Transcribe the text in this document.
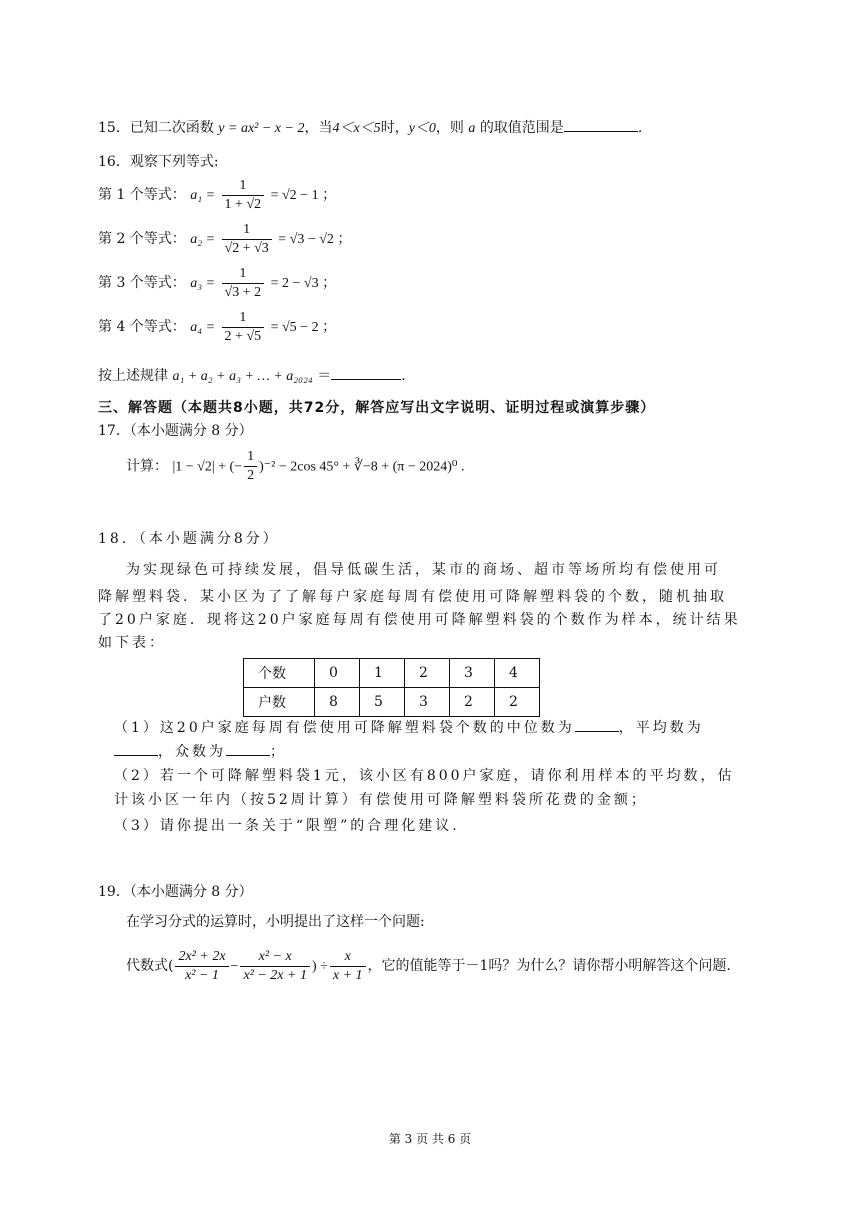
15．已知二次函数 y = ax² − x − 2，当4＜x＜5时，y＜0，则 a 的取值范围是	.
16．观察下列等式:
第 1 个等式： $a_1 = \frac{1}{1 + √2} = √2 - 1$ ；
第 2 个等式： $a_2 = \frac{1}{√2 + √3} = √3 - √2$ ；
第 3 个等式： $a_3 = \frac{1}{√3 + 2} = 2 - √3$ ；
第 4 个等式： $a_4 = \frac{1}{2 + √5} = √5 - 2$ ；
按上述规律 a₁ + a₂ + a₃ + … + a₂₀₂₄ ＝	.
三、解答题（本题共8小题，共72分，解答应写出文字说明、证明过程或演算步骤）
17．（本小题满分 8 分）
计算： |1 − √2| + (− $\frac{1}{2} )^{-2} - 2\cos$ 45° + ∛−8 + (π − 2024)⁰ .
18．（本小题满分8分）
为实现绿色可持续发展，倡导低碳生活，某市的商场、超市等场所均有偿使用可
降解塑料袋．某小区为了了解每户家庭每周有偿使用可降解塑料袋的个数，随机抽取
了20户家庭．现将这20户家庭每周有偿使用可降解塑料袋的个数作为样本，统计结果
如下表：
个数	0	1	2	3	4
户数	8	5	3	2	2
（1）这20户家庭每周有偿使用可降解塑料袋个数的中位数为	，平均数为
，众数为	；
（2）若一个可降解塑料袋1元，该小区有800户家庭，请你利用样本的平均数，估
计该小区一年内（按52周计算）有偿使用可降解塑料袋所花费的金额；
（3）请你提出一条关于“限塑”的合理化建议.
19．（本小题满分 8 分）
在学习分式的运算时，小明提出了这样一个问题:
代数式( $\frac{\text{2x² + 2x}}{\text{x² − 1}} - \frac{\text{x² − x}}{\text{x² − 2x + 1}}$ ) ÷ $\frac{x}{x + 1}$ ，它的值能等于－1吗？为什么？请你帮小明解答这个问题.
第 3 页 共 6 页
